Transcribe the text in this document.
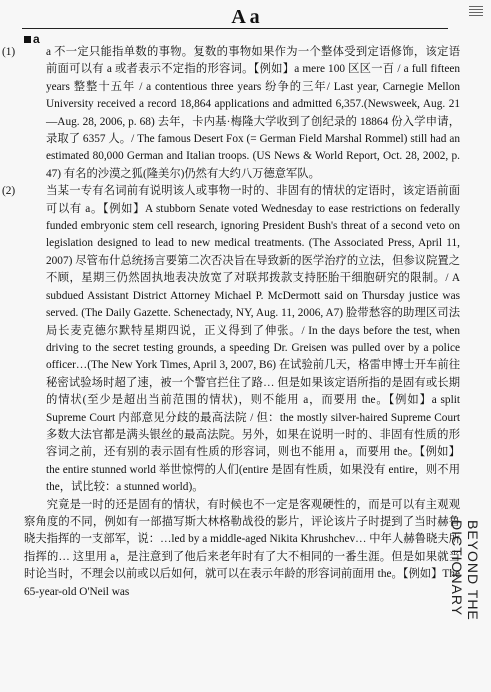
A a
a

(1)	a 不一定只能指单数的事物。复数的事物如果作为一个整体受到定语修饰，该定语前面可以有 a 或者表示不定指的形容词。【例如】a mere 100 区区一百 / a full fifteen years 整整十五年 / a contentious three years 纷争的三年/ Last year, Carnegie Mellon University received a record 18,864 applications and admitted 6,357.(Newsweek, Aug. 21—Aug. 28, 2006, p. 68) 去年，卡内基·梅隆大学收到了创纪录的 18864 份入学申请，录取了 6357 人。/ The famous Desert Fox (= German Field Marshal Rommel) still had an estimated 80,000 German and Italian troops. (US News & World Report, Oct. 28, 2002, p. 47) 有名的沙漠之狐(隆美尔)仍然有大约八万德意军队。

(2)	当某一专有名词前有说明该人或事物一时的、非固有的情状的定语时，该定语前面可以有 a。【例如】A stubborn Senate voted Wednesday to ease restrictions on federally funded embryonic stem cell research, ignoring President Bush's threat of a second veto on legislation designed to lead to new medical treatments. (The Associated Press, April 11, 2007) 尽管布什总统扬言要第二次否决旨在导致新的医学治疗的立法，但参议院置之不顾，星期三仍然固执地表决放宽了对联邦拨款支持胚胎干细胞研究的限制。/ A subdued Assistant District Attorney Michael P. McDermott said on Thursday justice was served. (The Daily Gazette. Schenectady, NY, Aug. 11, 2006, A7) 脸带愁容的助理区司法局长麦克德尔默特星期四说，正义得到了伸张。/ In the days before the test, when driving to the secret testing grounds, a speeding Dr. Greisen was pulled over by a police officer…(The New York Times, April 3, 2007, B6) 在试验前几天，格雷申博士开车前往秘密试验场时超了速，被一个警官拦住了路… 但是如果该定语所指的是固有或长期的情状(至少是超出当前范围的情状)，则不能用 a，而要用 the。【例如】a split Supreme Court 内部意见分歧的最高法院 / 但：the mostly silver-haired Supreme Court 多数大法官都是满头银丝的最高法院。另外，如果在说明一时的、非固有性质的形容词之前，还有别的表示固有性质的形容词，则也不能用 a，而要用 the。【例如】the entire stunned world 举世惊愕的人们(entire 是固有性质，如果没有 entire，则不用 the，试比较：a stunned world)。

究竟是一时的还是固有的情状，有时候也不一定是客观硬性的，而是可以有主观观察角度的不同，例如有一部描写斯大林格勒战役的影片，评论该片子时提到了当时赫鲁晓夫指挥的一支部军，说：…led by a middle-aged Nikita Khrushchev… 中年人赫鲁晓夫所指挥的… 这里用 a，是注意到了他后来老年时有了大不相同的一番生涯。但是如果就当时论当时，不理会以前或以后如何，就可以在表示年龄的形容词前面用 the。【例如】The 65-year-old O'Neil was	BEYOND THE DICTIONARY
